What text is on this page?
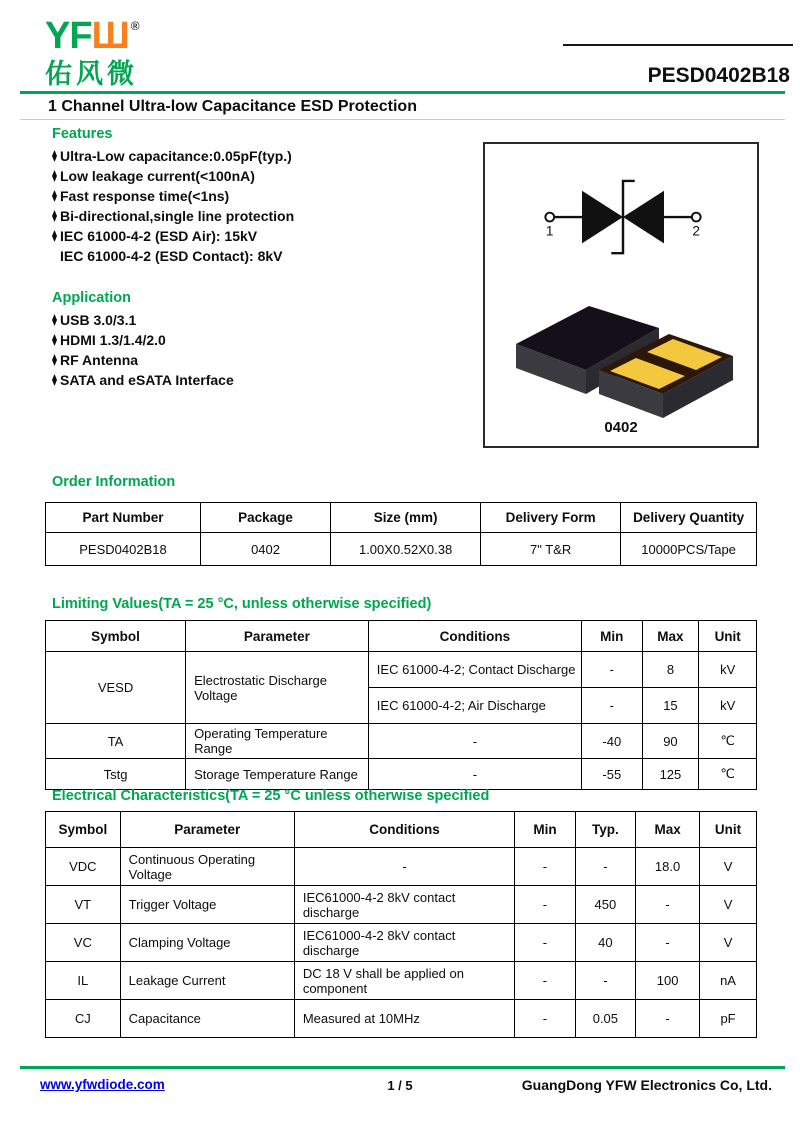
YFШ ®
佑风微	PESD0402B18
1 Channel Ultra-low Capacitance ESD Protection
Features
Ultra-Low capacitance:0.05pF(typ.)
Low leakage current(<100nA)
Fast response time(<1ns)
Bi-directional,single line protection
IEC 61000-4-2 (ESD Air): 15kV
IEC 61000-4-2 (ESD Contact): 8kV
Application
USB 3.0/3.1
HDMI 1.3/1.4/2.0
RF Antenna
SATA and eSATA Interface
1	2
0402
Order Information
Part Number	Package	Size (mm)	Delivery Form	Delivery Quantity
PESD0402B18	0402	1.00X0.52X0.38	7" T&R	10000PCS/Tape
Limiting Values(TA = 25 °C, unless otherwise specified)
Symbol	Parameter	Conditions	Min	Max	Unit
VESD	Electrostatic Discharge Voltage	IEC 61000-4-2; Contact Discharge	-	8	kV
		IEC 61000-4-2; Air Discharge	-	15	kV
TA	Operating Temperature Range	-	-40	90	℃
Tstg	Storage Temperature Range	-	-55	125	℃
Electrical Characteristics(TA = 25 °C unless otherwise specified
Symbol	Parameter	Conditions	Min	Typ.	Max	Unit
VDC	Continuous Operating Voltage	-	-	-	18.0	V
VT	Trigger Voltage	IEC61000-4-2 8kV contact discharge	-	450	-	V
VC	Clamping Voltage	IEC61000-4-2 8kV contact discharge	-	40	-	V
IL	Leakage Current	DC 18 V shall be applied on component	-	-	100	nA
CJ	Capacitance	Measured at 10MHz	-	0.05	-	pF
www.yfwdiode.com	1 / 5	GuangDong YFW Electronics Co, Ltd.
